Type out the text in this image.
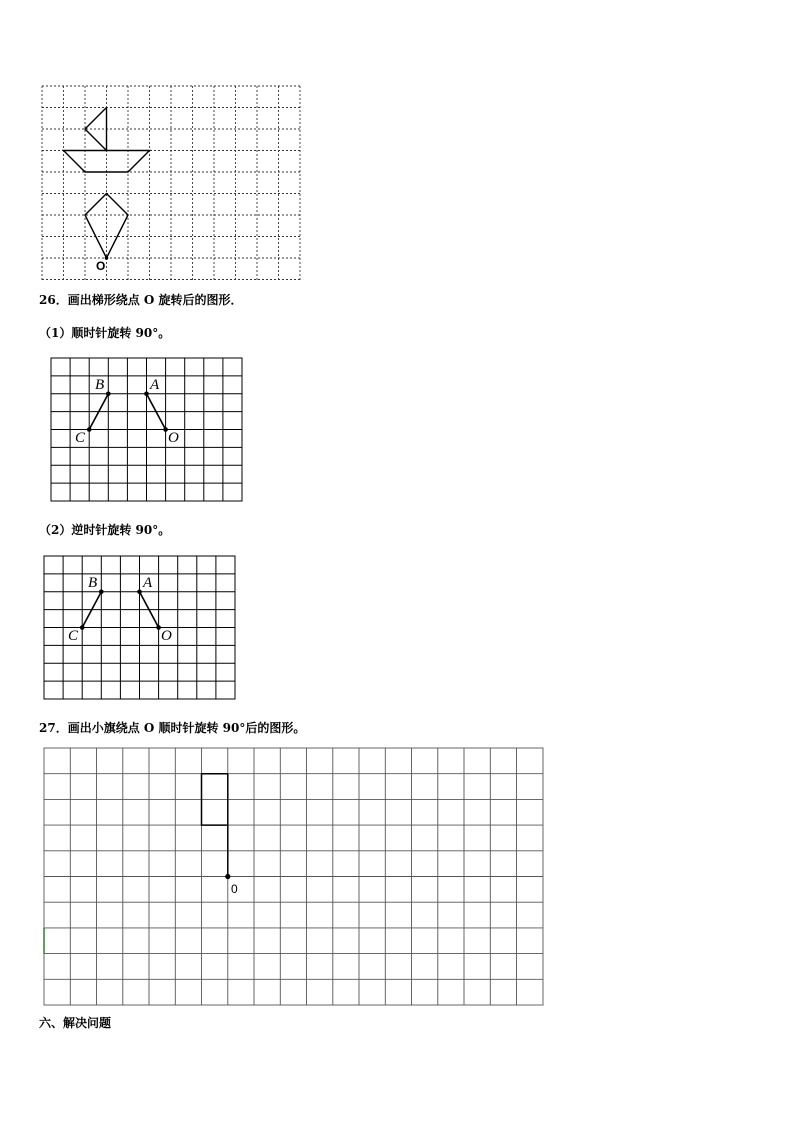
O
26．画出梯形绕点 O 旋转后的图形．
（1）顺时针旋转 90°。
B	A
C	O
（2）逆时针旋转 90°。
B	A
C	O
27．画出小旗绕点 O 顺时针旋转 90°后的图形。
0
六、解决问题
